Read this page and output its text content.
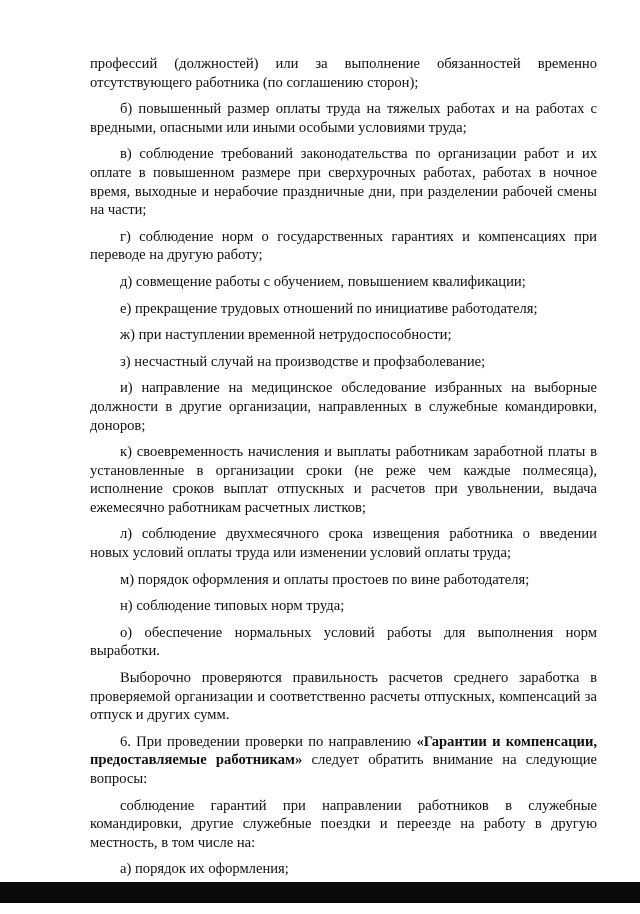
профессий (должностей) или за выполнение обязанностей временно отсутствующего работника (по соглашению сторон);

б) повышенный размер оплаты труда на тяжелых работах и на работах с вредными, опасными или иными особыми условиями труда;

в) соблюдение требований законодательства по организации работ и их оплате в повышенном размере при сверхурочных работах, работах в ночное время, выходные и нерабочие праздничные дни, при разделении рабочей смены на части;

г) соблюдение норм о государственных гарантиях и компенсациях при переводе на другую работу;

д) совмещение работы с обучением, повышением квалификации;

е) прекращение трудовых отношений по инициативе работодателя;

ж) при наступлении временной нетрудоспособности;

з) несчастный случай на производстве и профзаболевание;

и) направление на медицинское обследование избранных на выборные должности в другие организации, направленных в служебные командировки, доноров;

к) своевременность начисления и выплаты работникам заработной платы в установленные в организации сроки (не реже чем каждые полмесяца), исполнение сроков выплат отпускных и расчетов при увольнении, выдача ежемесячно работникам расчетных листков;

л) соблюдение двухмесячного срока извещения работника о введении новых условий оплаты труда или изменении условий оплаты труда;

м) порядок оформления и оплаты простоев по вине работодателя;

н) соблюдение типовых норм труда;

о) обеспечение нормальных условий работы для выполнения норм выработки.

Выборочно проверяются правильность расчетов среднего заработка в проверяемой организации и соответственно расчеты отпускных, компенсаций за отпуск и других сумм.

6. При проведении проверки по направлению «Гарантии и компенсации, предоставляемые работникам» следует обратить внимание на следующие вопросы:

соблюдение гарантий при направлении работников в служебные командировки, другие служебные поездки и переезде на работу в другую местность, в том числе на:

а) порядок их оформления;
